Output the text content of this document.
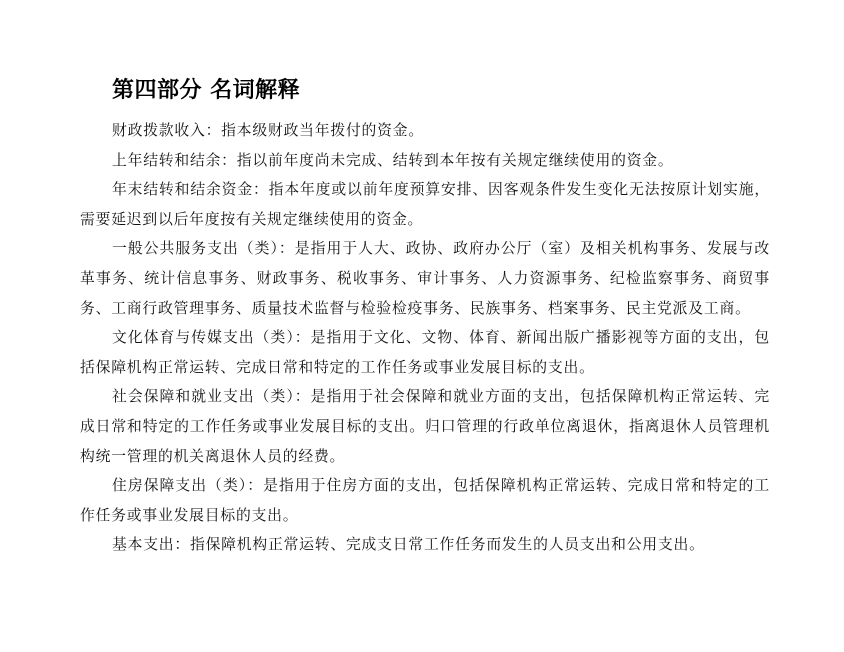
第四部分 名词解释

财政拨款收入：指本级财政当年拨付的资金。

上年结转和结余：指以前年度尚未完成、结转到本年按有关规定继续使用的资金。

年末结转和结余资金：指本年度或以前年度预算安排、因客观条件发生变化无法按原计划实施，需要延迟到以后年度按有关规定继续使用的资金。

一般公共服务支出（类）：是指用于人大、政协、政府办公厅（室）及相关机构事务、发展与改革事务、统计信息事务、财政事务、税收事务、审计事务、人力资源事务、纪检监察事务、商贸事务、工商行政管理事务、质量技术监督与检验检疫事务、民族事务、档案事务、民主党派及工商。

文化体育与传媒支出（类）：是指用于文化、文物、体育、新闻出版广播影视等方面的支出，包括保障机构正常运转、完成日常和特定的工作任务或事业发展目标的支出。

社会保障和就业支出（类）：是指用于社会保障和就业方面的支出，包括保障机构正常运转、完成日常和特定的工作任务或事业发展目标的支出。归口管理的行政单位离退休，指离退休人员管理机构统一管理的机关离退休人员的经费。

住房保障支出（类）：是指用于住房方面的支出，包括保障机构正常运转、完成日常和特定的工作任务或事业发展目标的支出。

基本支出：指保障机构正常运转、完成支日常工作任务而发生的人员支出和公用支出。
